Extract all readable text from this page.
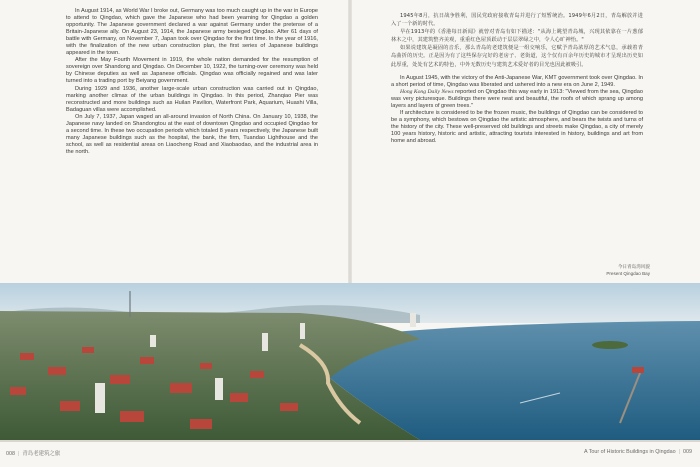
In August 1914, as World War I broke out, Germany was too much caught up in the war in Europe to attend to Qingdao, which gave the Japanese who had been yearning for Qingdao a golden opportunity. The Japanese government declared a war against Germany under the pretense of a Britain-Japanese ally. On August 23, 1914, the Japanese army besieged Qingdao. After 61 days of battle with Germany, on November 7, Japan took over Qingdao for the first time. In the year of 1916, with the finalization of the new urban construction plan, the first series of Japanese buildings appeared in the town.

After the May Fourth Movement in 1919, the whole nation demanded for the resumption of sovereign over Shandong and Qingdao. On December 10, 1922, the turning-over ceremony was held by Chinese deputies as well as Japanese officials. Qingdao was officially regained and was later turned into a trading port by Beiyang government.

During 1929 and 1936, another large-scale urban construction was carried out in Qingdao, marking another climax of the urban buildings in Qingdao. In this period, Zhanqiao Pier was reconstructed and more buildings such as Huilan Pavilion, Waterfront Park, Aquarium, Huashi Villa, Badaguan villas were accomplished.

On July 7, 1937, Japan waged an all-around invasion of North China. On January 10, 1938, the Japanese navy landed on Shandongtou at the east of downtown Qingdao and occupied Qingdao for a second time. In these two occupation periods which totaled 8 years respectively, the Japanese built many Japanese buildings such as the hospital, the bank, the firm, Tuandao Lighthouse and the school, as well as residential areas on Liaocheng Road and Xiaobaodao, and the industrial area in the north.

1945年8月，抗日战争胜利，国民党政府接收青岛并进行了短暂统治。1949年6月2日，青岛解放并进入了一个新的时代。

早在1913年的《香港每日新闻》就曾对青岛有如下描述："从海上眺望青岛城，兴现其依靠在一片葱郁林木之中，其建筑整齐美观，重重红色屋顶跃动于层层翠绿之中，令人心旷神怡。"

如果说建筑是凝固的音乐，那么青岛的老建筑便是一组交响乐，它赋予青岛浓厚的艺术气息，承载着青岛曲折的历史。正是因为有了这些保存完好的老房子、老街道，这个仅有百余年历史的城市才呈现出历史如此厚重，处处有艺术的特色，中外无数历史与建筑艺术爱好者的目光也因此被吸引。

In August 1945, with the victory of the Anti-Japanese War, KMT government took over Qingdao. In a short period of time, Qingdao was liberated and ushered into a new era on June 2, 1949.

Hong Kong Daily News reported on Qingdao this way early in 1913: "Viewed from the sea, Qingdao was very picturesque. Buildings there were neat and beautiful, the roofs of which sprang up among layers and layers of green trees."

If architecture is considered to be the frozen music, the buildings of Qingdao can be considered to be a symphony, which bestows on Qingdao the artistic atmosphere, and bears the twists and turns of the history of the city. These well-preserved old buildings and streets make Qingdao, a city of merely 100 years history, historic and artistic, attracting tourists interested in history, buildings and art from home and abroad.

今日青岛湾风貌
Present Qingdao Bay
008 | 青岛老建筑之旅	A Tour of Historic Buildings in Qingdao | 009
